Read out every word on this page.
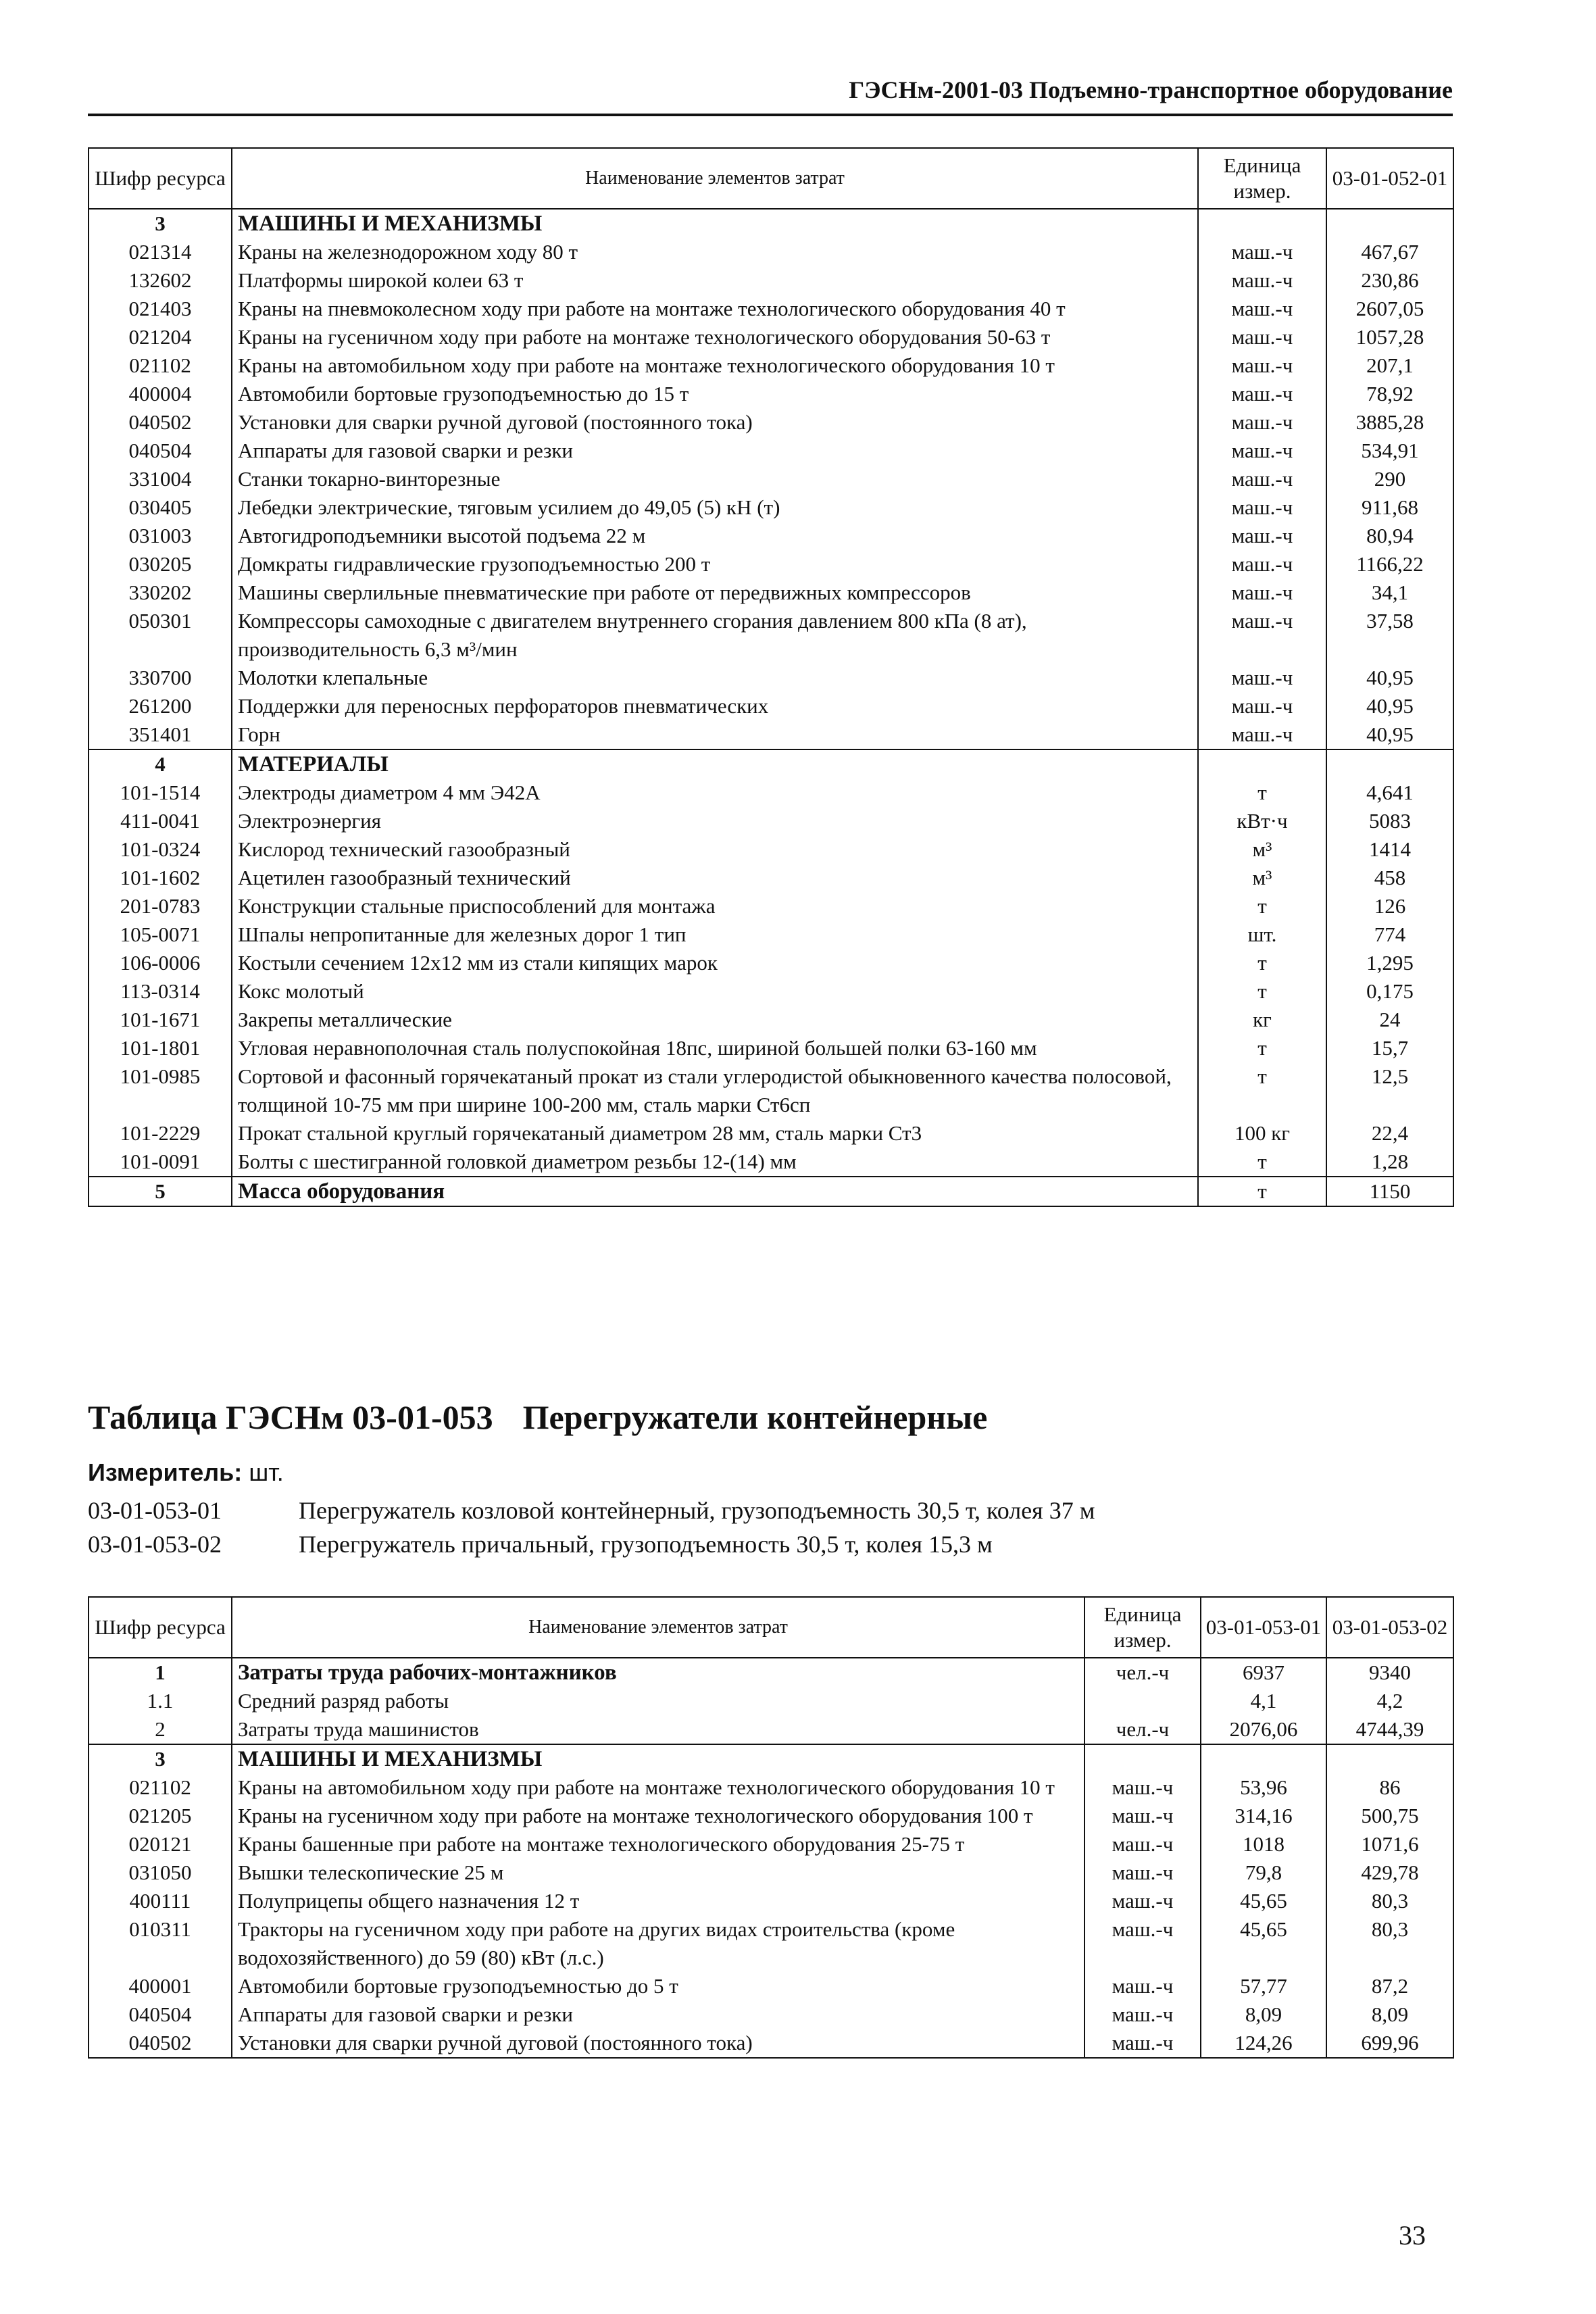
ГЭСНм-2001-03 Подъемно-транспортное оборудование
Шифр ресурса	Наименование элементов затрат	Единица измер.	03-01-052-01
3	МАШИНЫ И МЕХАНИЗМЫ		
021314	Краны на железнодорожном ходу 80 т	маш.-ч	467,67
132602	Платформы широкой колеи 63 т	маш.-ч	230,86
021403	Краны на пневмоколесном ходу при работе на монтаже технологического оборудования 40 т	маш.-ч	2607,05
021204	Краны на гусеничном ходу при работе на монтаже технологического оборудования 50-63 т	маш.-ч	1057,28
021102	Краны на автомобильном ходу при работе на монтаже технологического оборудования 10 т	маш.-ч	207,1
400004	Автомобили бортовые грузоподъемностью до 15 т	маш.-ч	78,92
040502	Установки для сварки ручной дуговой (постоянного тока)	маш.-ч	3885,28
040504	Аппараты для газовой сварки и резки	маш.-ч	534,91
331004	Станки токарно-винторезные	маш.-ч	290
030405	Лебедки электрические, тяговым усилием до 49,05 (5) кН (т)	маш.-ч	911,68
031003	Автогидроподъемники высотой подъема 22 м	маш.-ч	80,94
030205	Домкраты гидравлические грузоподъемностью 200 т	маш.-ч	1166,22
330202	Машины сверлильные пневматические при работе от передвижных компрессоров	маш.-ч	34,1
050301	Компрессоры самоходные с двигателем внутреннего сгорания давлением 800 кПа (8 ат), производительность 6,3 м³/мин	маш.-ч	37,58
330700	Молотки клепальные	маш.-ч	40,95
261200	Поддержки для переносных перфораторов пневматических	маш.-ч	40,95
351401	Горн	маш.-ч	40,95
4	МАТЕРИАЛЫ		
101-1514	Электроды диаметром 4 мм Э42А	т	4,641
411-0041	Электроэнергия	кВт·ч	5083
101-0324	Кислород технический газообразный	м³	1414
101-1602	Ацетилен газообразный технический	м³	458
201-0783	Конструкции стальные приспособлений для монтажа	т	126
105-0071	Шпалы непропитанные для железных дорог 1 тип	шт.	774
106-0006	Костыли сечением 12х12 мм из стали кипящих марок	т	1,295
113-0314	Кокс молотый	т	0,175
101-1671	Закрепы металлические	кг	24
101-1801	Угловая неравнополочная сталь полуспокойная 18пс, шириной большей полки 63-160 мм	т	15,7
101-0985	Сортовой и фасонный горячекатаный прокат из стали углеродистой обыкновенного качества полосовой, толщиной 10-75 мм при ширине 100-200 мм, сталь марки Ст6сп	т	12,5
101-2229	Прокат стальной круглый горячекатаный диаметром 28 мм, сталь марки Ст3	100 кг	22,4
101-0091	Болты с шестигранной головкой диаметром резьбы 12-(14) мм	т	1,28
5	Масса оборудования	т	1150
Таблица ГЭСНм 03-01-053 Перегружатели контейнерные
Измеритель: шт.
03-01-053-01	Перегружатель козловой контейнерный, грузоподъемность 30,5 т, колея 37 м
03-01-053-02	Перегружатель причальный, грузоподъемность 30,5 т, колея 15,3 м
Шифр ресурса	Наименование элементов затрат	Единица измер.	03-01-053-01	03-01-053-02
1	Затраты труда рабочих-монтажников	чел.-ч	6937	9340
1.1	Средний разряд работы		4,1	4,2
2	Затраты труда машинистов	чел.-ч	2076,06	4744,39
3	МАШИНЫ И МЕХАНИЗМЫ			
021102	Краны на автомобильном ходу при работе на монтаже технологического оборудования 10 т	маш.-ч	53,96	86
021205	Краны на гусеничном ходу при работе на монтаже технологического оборудования 100 т	маш.-ч	314,16	500,75
020121	Краны башенные при работе на монтаже технологического оборудования 25-75 т	маш.-ч	1018	1071,6
031050	Вышки телескопические 25 м	маш.-ч	79,8	429,78
400111	Полуприцепы общего назначения 12 т	маш.-ч	45,65	80,3
010311	Тракторы на гусеничном ходу при работе на других видах строительства (кроме водохозяйственного) до 59 (80) кВт (л.с.)	маш.-ч	45,65	80,3
400001	Автомобили бортовые грузоподъемностью до 5 т	маш.-ч	57,77	87,2
040504	Аппараты для газовой сварки и резки	маш.-ч	8,09	8,09
040502	Установки для сварки ручной дуговой (постоянного тока)	маш.-ч	124,26	699,96
33
